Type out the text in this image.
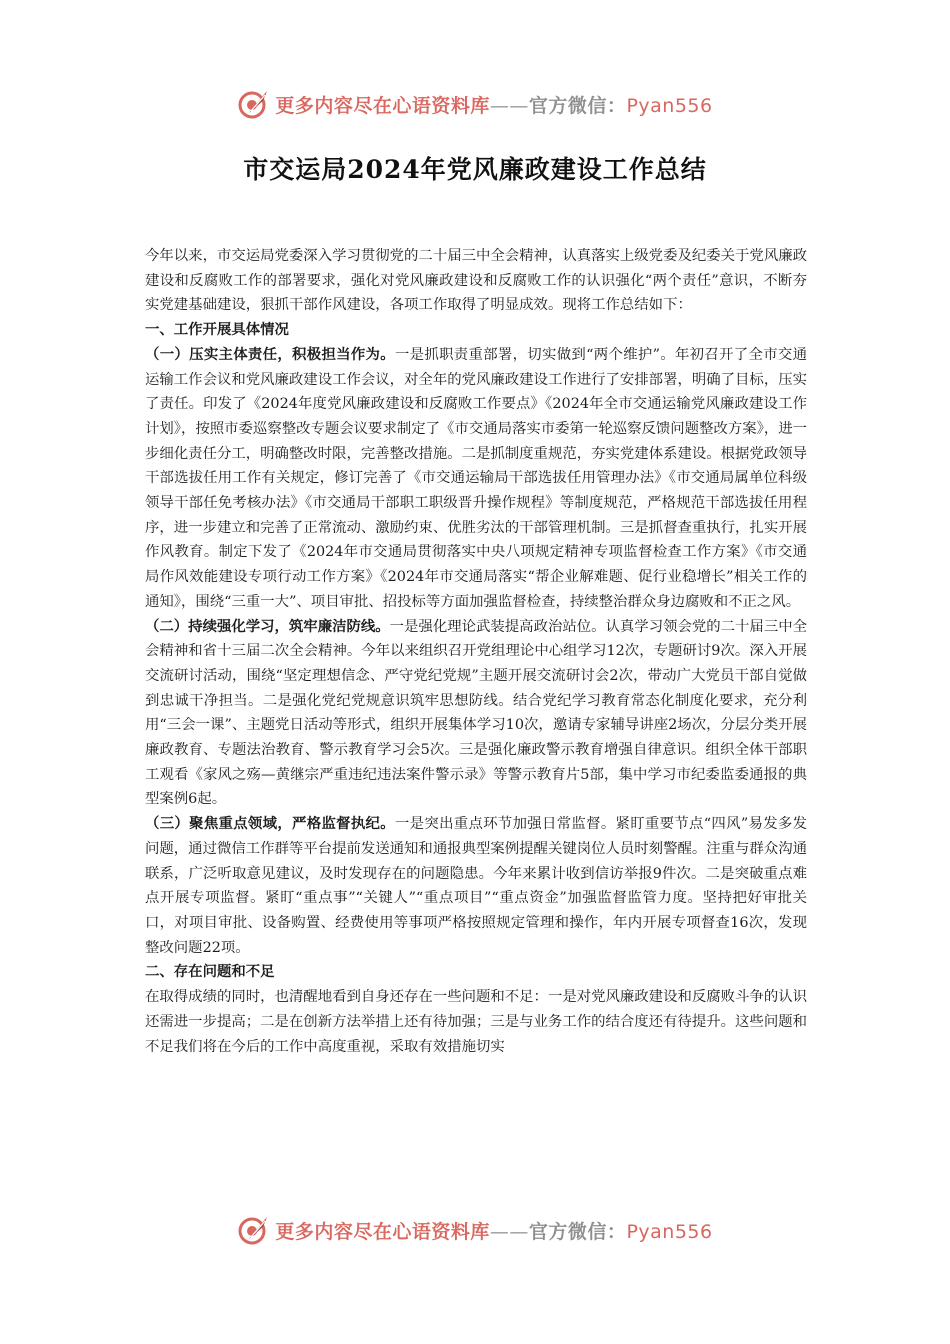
更多内容尽在心语资料库——官方微信：Pyan556
市交运局2024年党风廉政建设工作总结

今年以来，市交运局党委深入学习贯彻党的二十届三中全会精神，认真落实上级党委及纪委关于党风廉政建设和反腐败工作的部署要求，强化对党风廉政建设和反腐败工作的认识强化“两个责任”意识，不断夯实党建基础建设，狠抓干部作风建设，各项工作取得了明显成效。现将工作总结如下：

一、工作开展具体情况

（一）压实主体责任，积极担当作为。一是抓职责重部署，切实做到“两个维护”。年初召开了全市交通运输工作会议和党风廉政建设工作会议，对全年的党风廉政建设工作进行了安排部署，明确了目标，压实了责任。印发了《2024年度党风廉政建设和反腐败工作要点》《2024年全市交通运输党风廉政建设工作计划》，按照市委巡察整改专题会议要求制定了《市交通局落实市委第一轮巡察反馈问题整改方案》，进一步细化责任分工，明确整改时限，完善整改措施。二是抓制度重规范，夯实党建体系建设。根据党政领导干部选拔任用工作有关规定，修订完善了《市交通运输局干部选拔任用管理办法》《市交通局属单位科级领导干部任免考核办法》《市交通局干部职工职级晋升操作规程》等制度规范，严格规范干部选拔任用程序，进一步建立和完善了正常流动、激励约束、优胜劣汰的干部管理机制。三是抓督查重执行，扎实开展作风教育。制定下发了《2024年市交通局贯彻落实中央八项规定精神专项监督检查工作方案》《市交通局作风效能建设专项行动工作方案》《2024年市交通局落实“帮企业解难题、促行业稳增长”相关工作的通知》，围绕“三重一大”、项目审批、招投标等方面加强监督检查，持续整治群众身边腐败和不正之风。

（二）持续强化学习，筑牢廉洁防线。一是强化理论武装提高政治站位。认真学习领会党的二十届三中全会精神和省十三届二次全会精神。今年以来组织召开党组理论中心组学习12次，专题研讨9次。深入开展交流研讨活动，围绕“坚定理想信念、严守党纪党规”主题开展交流研讨会2次，带动广大党员干部自觉做到忠诚干净担当。二是强化党纪党规意识筑牢思想防线。结合党纪学习教育常态化制度化要求，充分利用“三会一课”、主题党日活动等形式，组织开展集体学习10次，邀请专家辅导讲座2场次，分层分类开展廉政教育、专题法治教育、警示教育学习会5次。三是强化廉政警示教育增强自律意识。组织全体干部职工观看《家风之殇—黄继宗严重违纪违法案件警示录》等警示教育片5部，集中学习市纪委监委通报的典型案例6起。

（三）聚焦重点领域，严格监督执纪。一是突出重点环节加强日常监督。紧盯重要节点“四风”易发多发问题，通过微信工作群等平台提前发送通知和通报典型案例提醒关键岗位人员时刻警醒。注重与群众沟通联系，广泛听取意见建议，及时发现存在的问题隐患。今年来累计收到信访举报9件次。二是突破重点难点开展专项监督。紧盯“重点事”“关键人”“重点项目”“重点资金”加强监督监管力度。坚持把好审批关口，对项目审批、设备购置、经费使用等事项严格按照规定管理和操作，年内开展专项督查16次，发现整改问题22项。

二、存在问题和不足

在取得成绩的同时，也清醒地看到自身还存在一些问题和不足：一是对党风廉政建设和反腐败斗争的认识还需进一步提高；二是在创新方法举措上还有待加强；三是与业务工作的结合度还有待提升。这些问题和不足我们将在今后的工作中高度重视，采取有效措施切实

更多内容尽在心语资料库——官方微信：Pyan556
